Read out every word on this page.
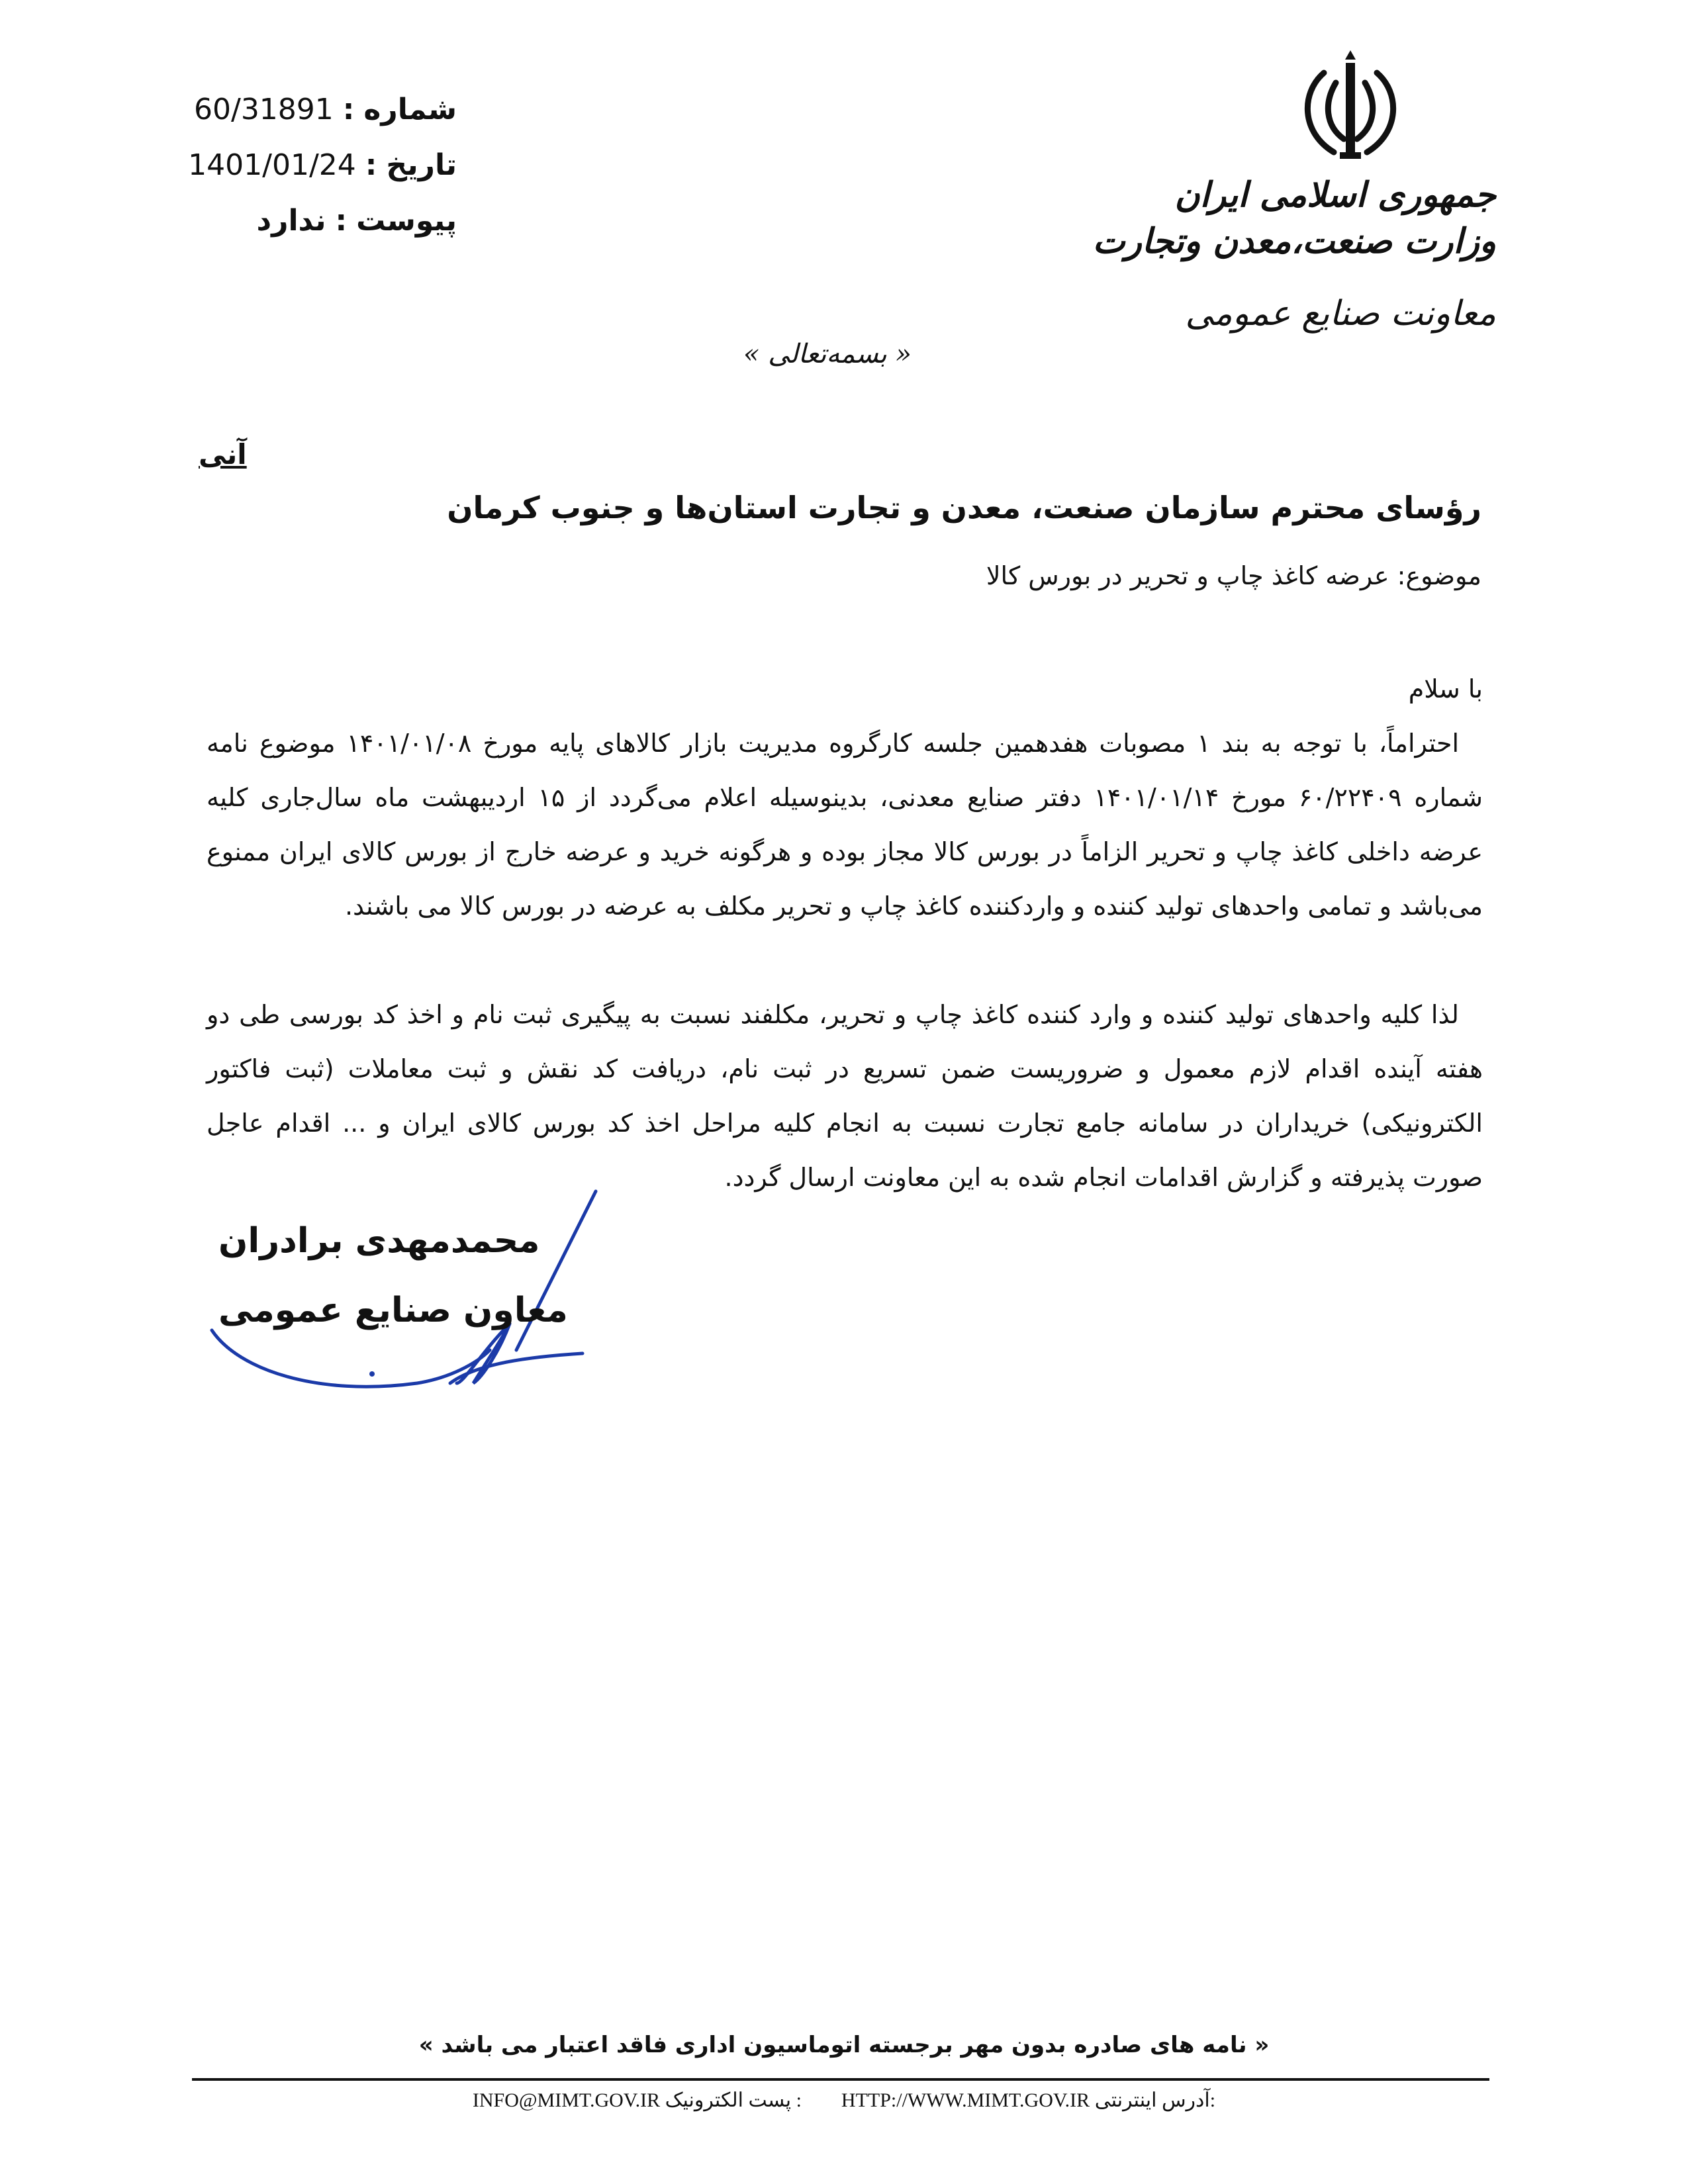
شماره
:
60/31891
تاریخ
:
1401/01/24
پیوست
:
ندارد
جمهوری اسلامی ایران
وزارت صنعت،معدن وتجارت
معاونت صنایع عمومی
« بسمه‌تعالی »
آنی
رؤسای محترم سازمان صنعت، معدن و تجارت استان‌ها و جنوب کرمان
موضوع: عرضه کاغذ چاپ و تحریر در بورس کالا
با سلام
احتراماً، با توجه به بند ۱ مصوبات هفدهمین جلسه کارگروه مدیریت بازار کالاهای پایه مورخ ۱۴۰۱/۰۱/۰۸ موضوع نامه شماره ۶۰/۲۲۴۰۹ مورخ ۱۴۰۱/۰۱/۱۴ دفتر صنایع معدنی، بدینوسیله اعلام می‌گردد از ۱۵ اردیبهشت ماه سال‌جاری کلیه عرضه داخلی کاغذ چاپ و تحریر الزاماً در بورس کالا مجاز بوده و هرگونه خرید و عرضه خارج از بورس کالای ایران ممنوع می‌باشد و تمامی واحدهای تولید کننده و واردکننده کاغذ چاپ و تحریر مکلف به عرضه در بورس کالا می باشند.
لذا کلیه واحدهای تولید کننده و وارد کننده کاغذ چاپ و تحریر، مکلفند نسبت به پیگیری ثبت نام و اخذ کد بورسی طی دو هفته آینده اقدام لازم معمول و ضروریست ضمن تسریع در ثبت نام، دریافت کد نقش و ثبت معاملات (ثبت فاکتور الکترونیکی) خریداران در سامانه جامع تجارت نسبت به انجام کلیه مراحل اخذ کد بورس کالای ایران و ... اقدام عاجل صورت پذیرفته و گزارش اقدامات انجام شده به این معاونت ارسال گردد.
محمدمهدی برادران
معاون صنایع عمومی
« نامه های صادره بدون مهر برجسته اتوماسیون اداری فاقد اعتبار می باشد »
INFO@MIMT.GOV.IR پست الکترونیک : HTTP://WWW.MIMT.GOV.IR آدرس اینترنتی:
